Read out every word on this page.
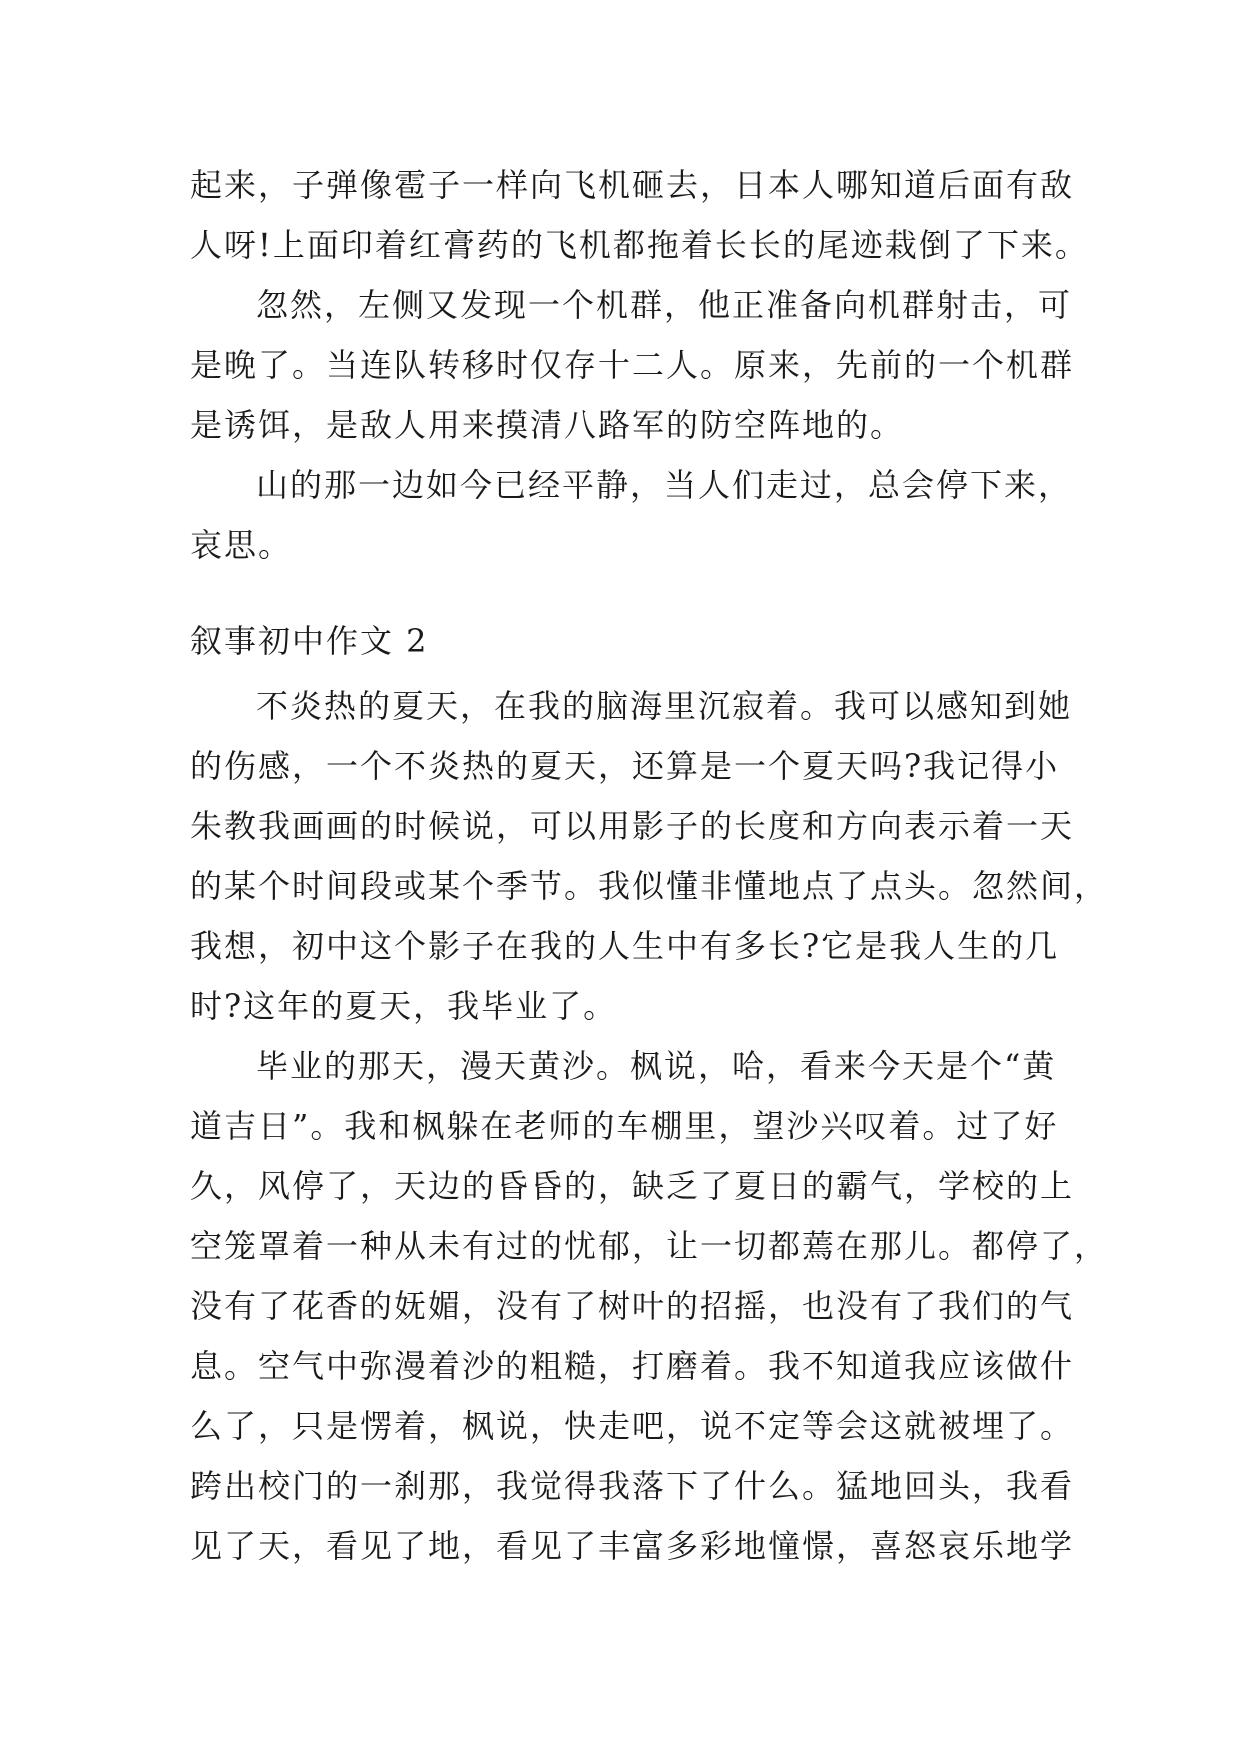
起来，子弹像雹子一样向飞机砸去，日本人哪知道后面有敌
人呀!上面印着红膏药的飞机都拖着长长的尾迹栽倒了下来。
忽然，左侧又发现一个机群，他正准备向机群射击，可
是晚了。当连队转移时仅存十二人。原来，先前的一个机群
是诱饵，是敌人用来摸清八路军的防空阵地的。
山的那一边如今已经平静，当人们走过，总会停下来，
哀思。
叙事初中作文 2
不炎热的夏天，在我的脑海里沉寂着。我可以感知到她
的伤感，一个不炎热的夏天，还算是一个夏天吗?我记得小
朱教我画画的时候说，可以用影子的长度和方向表示着一天
的某个时间段或某个季节。我似懂非懂地点了点头。忽然间，
我想，初中这个影子在我的人生中有多长?它是我人生的几
时?这年的夏天，我毕业了。
毕业的那天，漫天黄沙。枫说，哈，看来今天是个“黄
道吉日”。我和枫躲在老师的车棚里，望沙兴叹着。过了好
久，风停了，天边的昏昏的，缺乏了夏日的霸气，学校的上
空笼罩着一种从未有过的忧郁，让一切都蔫在那儿。都停了，
没有了花香的妩媚，没有了树叶的招摇，也没有了我们的气
息。空气中弥漫着沙的粗糙，打磨着。我不知道我应该做什
么了，只是愣着，枫说，快走吧，说不定等会这就被埋了。
跨出校门的一刹那，我觉得我落下了什么。猛地回头，我看
见了天，看见了地，看见了丰富多彩地憧憬，喜怒哀乐地学
